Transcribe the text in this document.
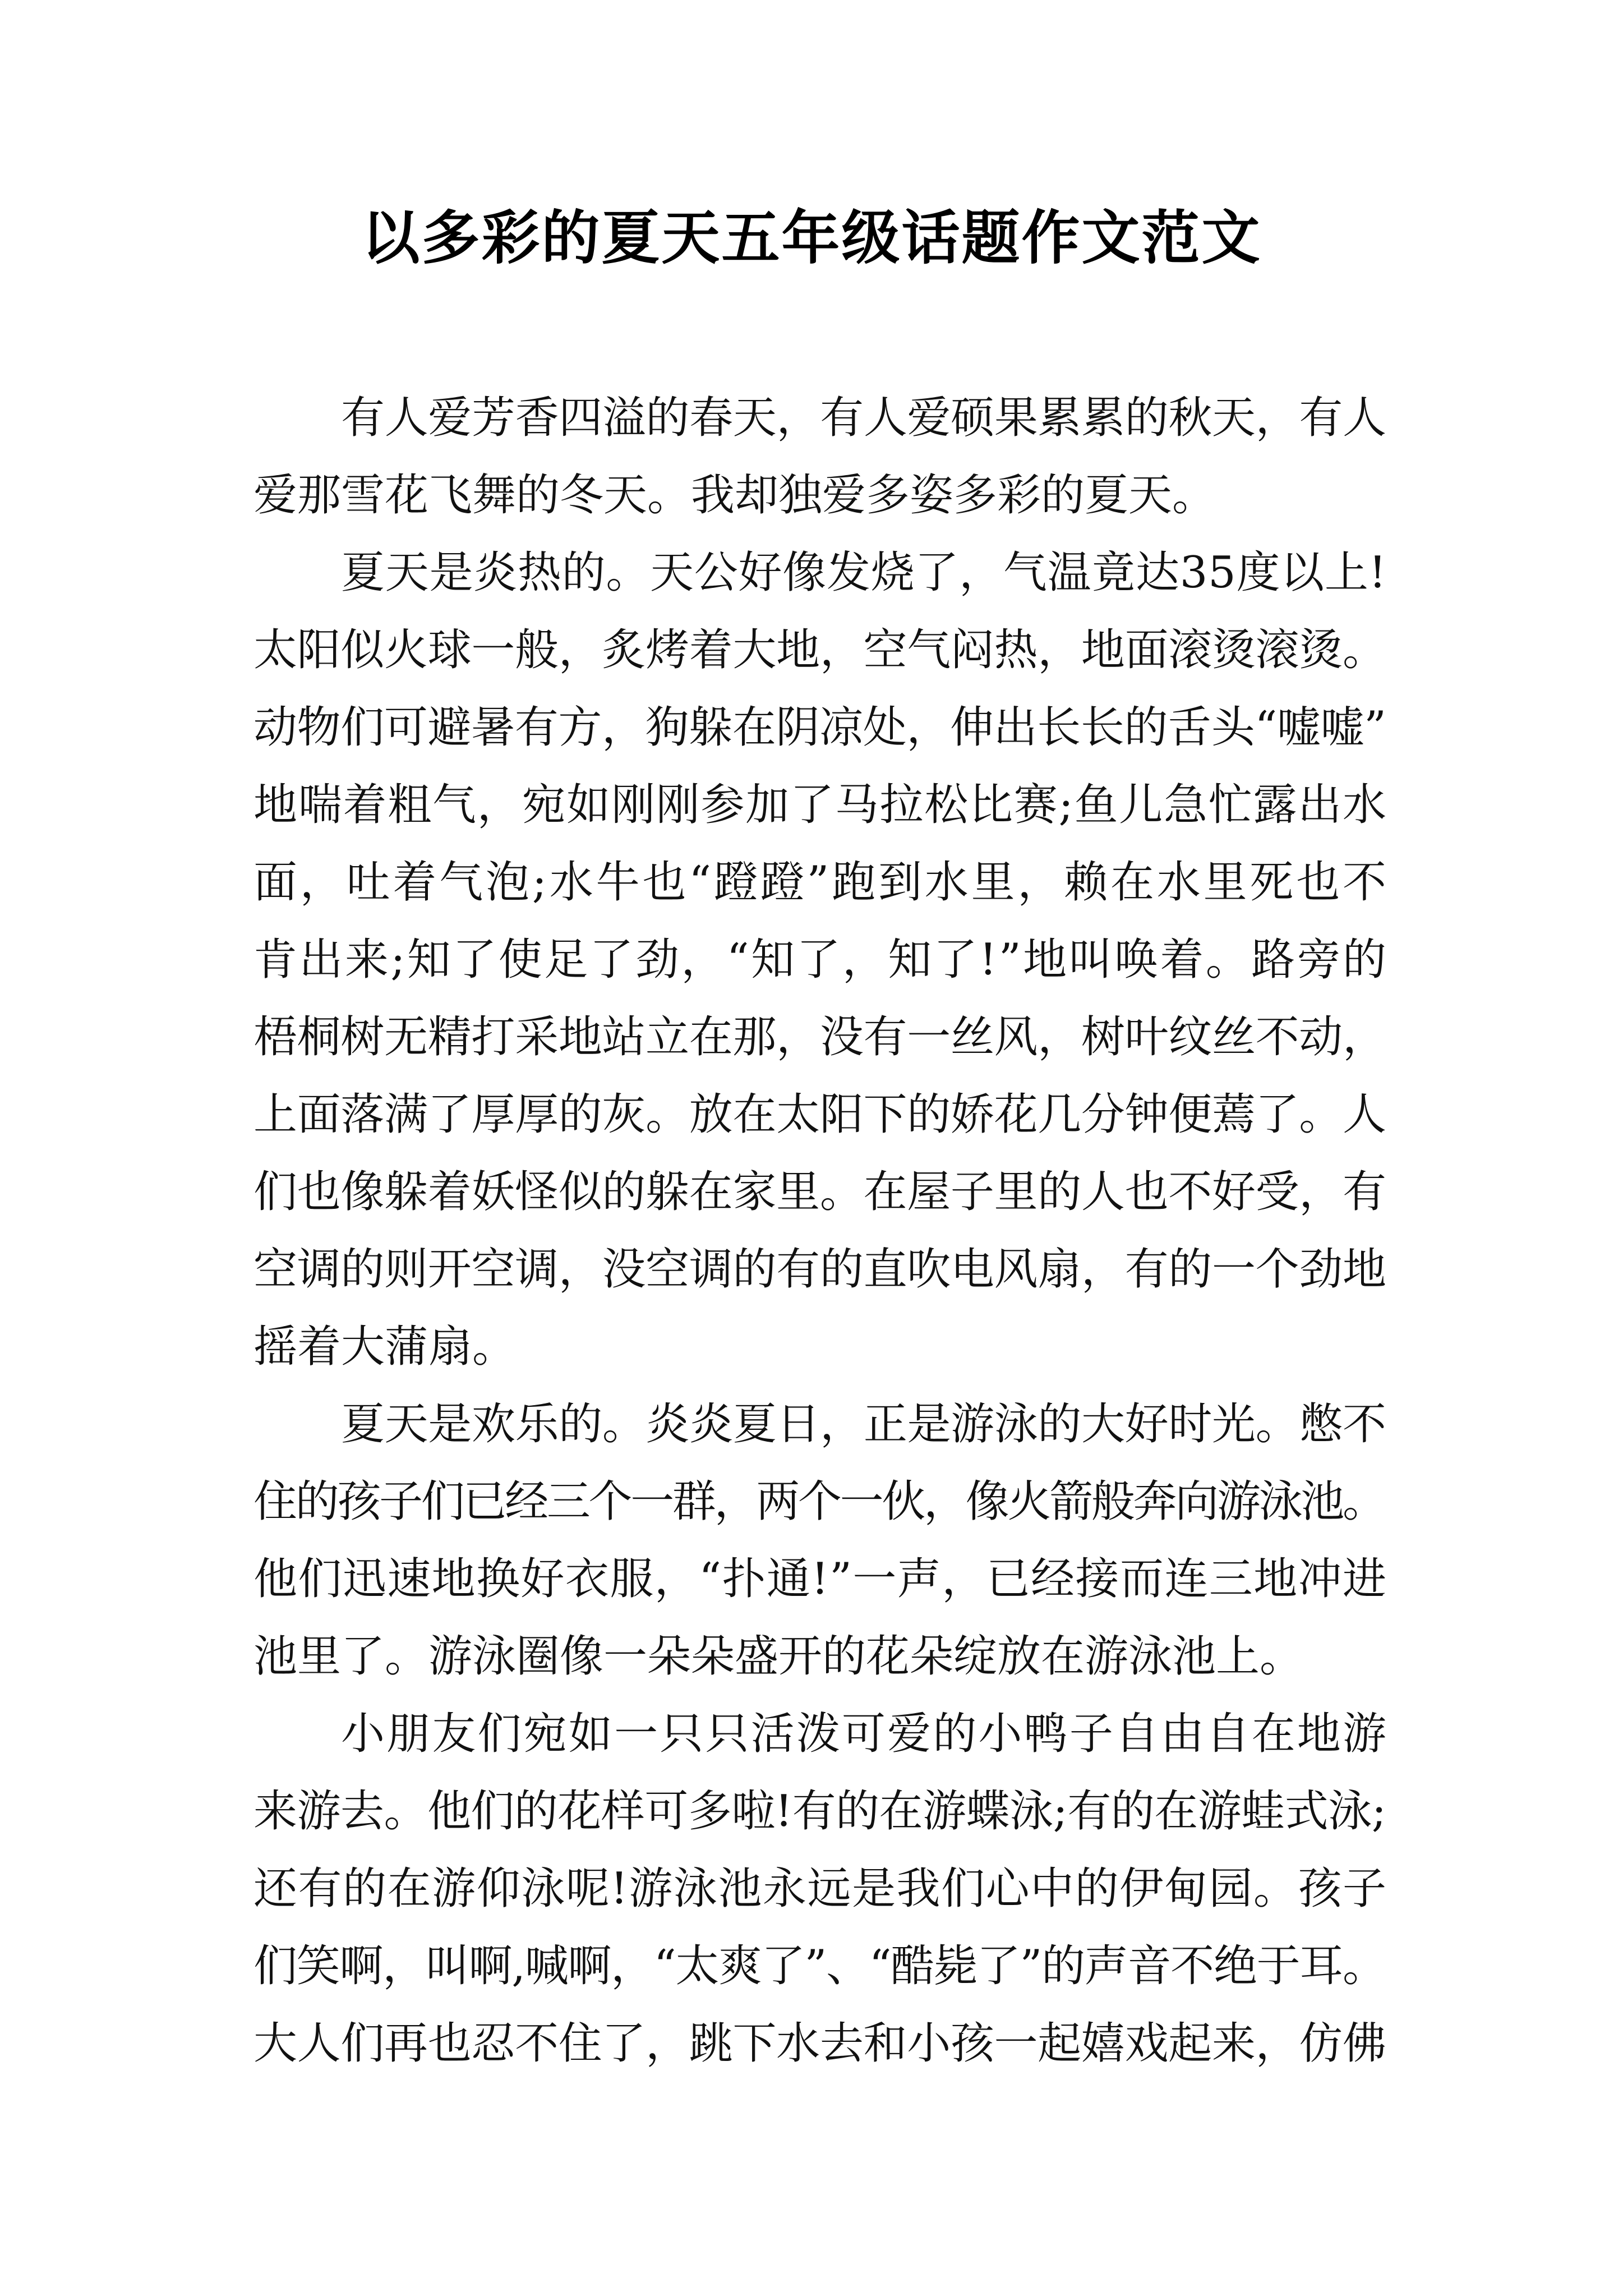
以多彩的夏天五年级话题作文范文
有人爱芳香四溢的春天，有人爱硕果累累的秋天，有人
爱那雪花飞舞的冬天。我却独爱多姿多彩的夏天。
夏天是炎热的。天公好像发烧了，气温竟达35度以上!
太阳似火球一般，炙烤着大地，空气闷热，地面滚烫滚烫。
动物们可避暑有方，狗躲在阴凉处，伸出长长的舌头“嘘嘘”
地喘着粗气，宛如刚刚参加了马拉松比赛;鱼儿急忙露出水
面，吐着气泡;水牛也“蹬蹬”跑到水里，赖在水里死也不
肯出来;知了使足了劲，“知了，知了!”地叫唤着。路旁的
梧桐树无精打采地站立在那，没有一丝风，树叶纹丝不动，
上面落满了厚厚的灰。放在太阳下的娇花几分钟便蔫了。人
们也像躲着妖怪似的躲在家里。在屋子里的人也不好受，有
空调的则开空调，没空调的有的直吹电风扇，有的一个劲地
摇着大蒲扇。
夏天是欢乐的。炎炎夏日，正是游泳的大好时光。憋不
住的孩子们已经三个一群，两个一伙，像火箭般奔向游泳池。
他们迅速地换好衣服，“扑通!”一声，已经接而连三地冲进
池里了。游泳圈像一朵朵盛开的花朵绽放在游泳池上。
小朋友们宛如一只只活泼可爱的小鸭子自由自在地游
来游去。他们的花样可多啦!有的在游蝶泳;有的在游蛙式泳;
还有的在游仰泳呢!游泳池永远是我们心中的伊甸园。孩子
们笑啊，叫啊,喊啊，“太爽了”、“酷毙了”的声音不绝于耳。
大人们再也忍不住了，跳下水去和小孩一起嬉戏起来，仿佛
